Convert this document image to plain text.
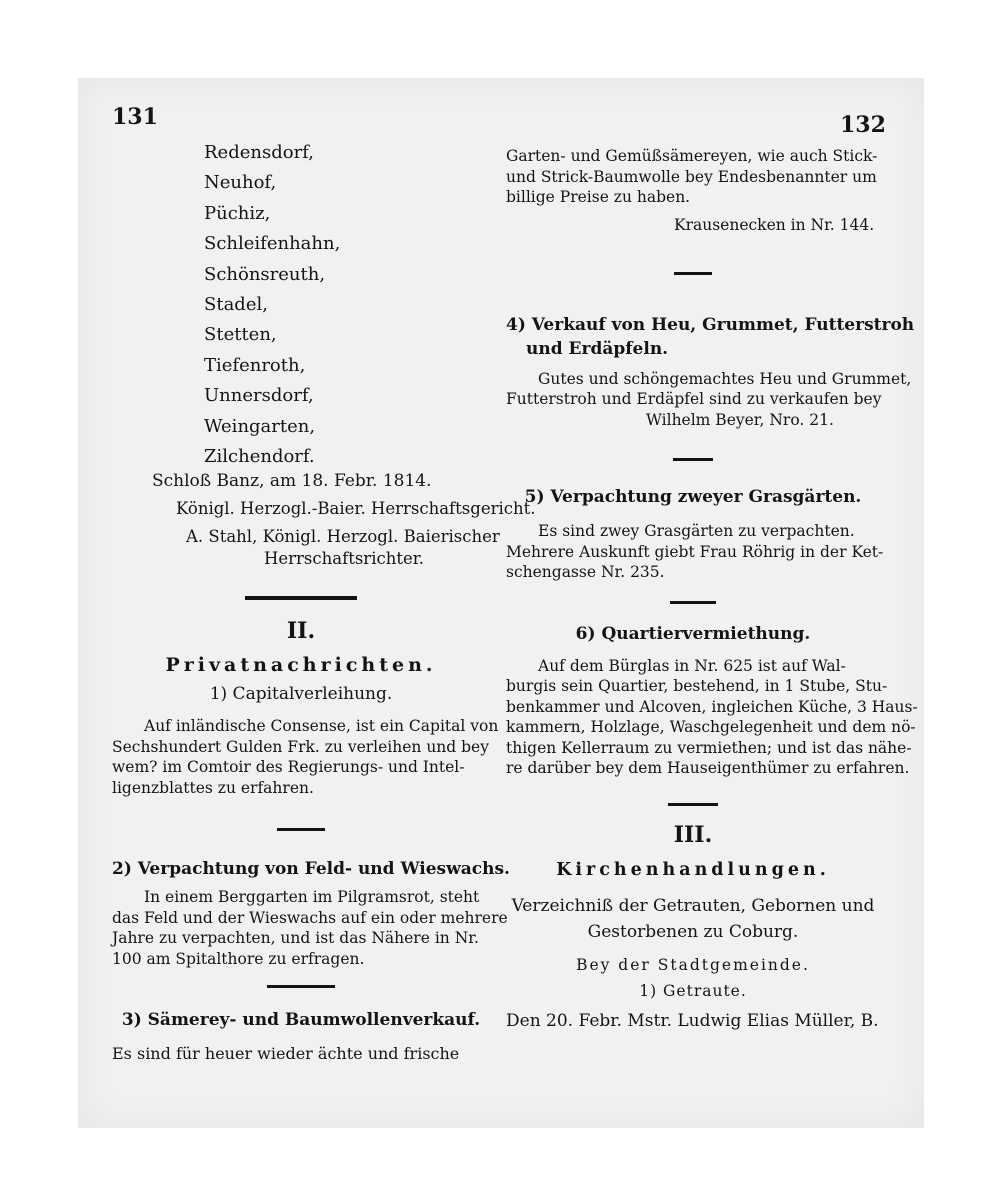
131	132
Redensdorf,
Neuhof,
Püchiz,
Schleifenhahn,
Schönsreuth,
Stadel,
Stetten,
Tiefenroth,
Unnersdorf,
Weingarten,
Zilchendorf.
Schloß Banz, am 18. Febr. 1814.
Königl. Herzogl.-Baier. Herrschaftsgericht.
A. Stahl, Königl. Herzogl. Baierischer
Herrschaftsrichter.
II.
Privatnachrichten.
1) Capitalverleihung.
Auf inländische Consense, ist ein Capital von
Sechshundert Gulden Frk. zu verleihen und bey
wem? im Comtoir des Regierungs- und Intel-
ligenzblattes zu erfahren.
2) Verpachtung von Feld- und Wieswachs.
In einem Berggarten im Pilgramsrot, steht
das Feld und der Wieswachs auf ein oder mehrere
Jahre zu verpachten, und ist das Nähere in Nr.
100 am Spitalthore zu erfragen.
3) Sämerey- und Baumwollenverkauf.
Es sind für heuer wieder ächte und frische
Garten- und Gemüßsämereyen, wie auch Stick-
und Strick-Baumwolle bey Endesbenannter um
billige Preise zu haben.
Krausenecken in Nr. 144.
4) Verkauf von Heu, Grummet, Futterstroh
und Erdäpfeln.
Gutes und schöngemachtes Heu und Grummet,
Futterstroh und Erdäpfel sind zu verkaufen bey
Wilhelm Beyer, Nro. 21.
5) Verpachtung zweyer Grasgärten.
Es sind zwey Grasgärten zu verpachten.
Mehrere Auskunft giebt Frau Röhrig in der Ket-
schengasse Nr. 235.
6) Quartiervermiethung.
Auf dem Bürglas in Nr. 625 ist auf Wal-
burgis sein Quartier, bestehend, in 1 Stube, Stu-
benkammer und Alcoven, ingleichen Küche, 3 Haus-
kammern, Holzlage, Waschgelegenheit und dem nö-
thigen Kellerraum zu vermiethen; und ist das nähe-
re darüber bey dem Hauseigenthümer zu erfahren.
III.
Kirchenhandlungen.
Verzeichniß der Getrauten, Gebornen und
Gestorbenen zu Coburg.
Bey der Stadtgemeinde.
1) Getraute.
Den 20. Febr. Mstr. Ludwig Elias Müller, B.
